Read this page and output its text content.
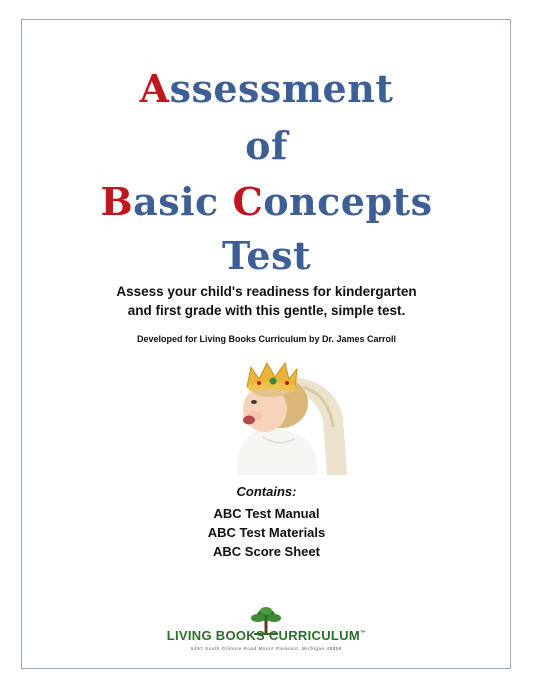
Assessment
of
Basic Concepts
Test
Assess your child's readiness for kindergarten
and first grade with this gentle, simple test.
Developed for Living Books Curriculum by Dr. James Carroll
Contains:
ABC Test Manual
ABC Test Materials
ABC Score Sheet
LIVING BOOKS CURRICULUM™
5497 South Gilmore Road Mount Pleasant, Michigan 48858
